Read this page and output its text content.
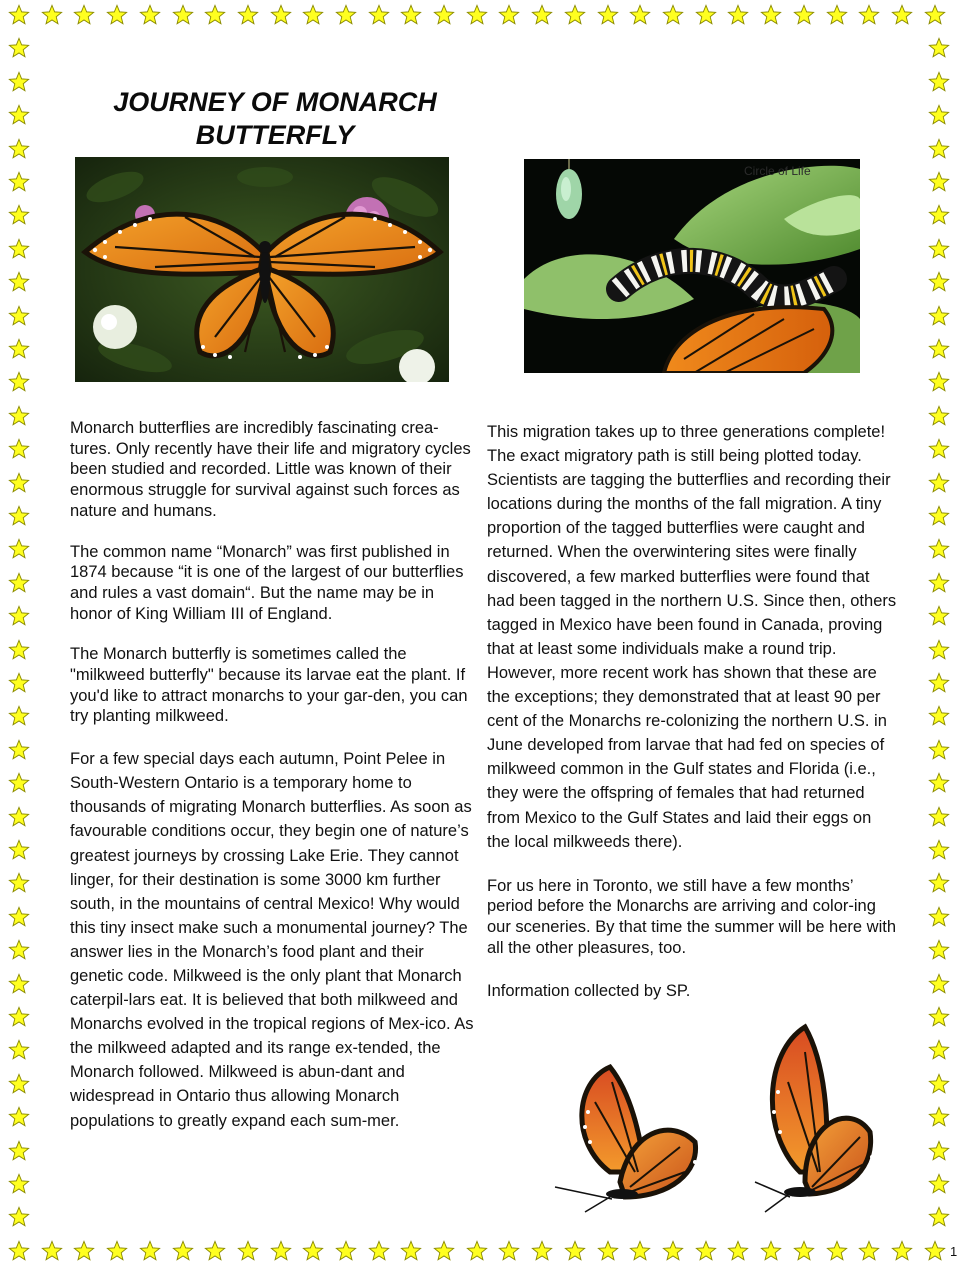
JOURNEY OF MONARCH
BUTTERFLY
Circle of Life

Monarch butterflies are incredibly fascinating crea-tures. Only recently have their life and migratory cycles been studied and recorded. Little was known of their enormous struggle for survival against such forces as nature and humans.

The common name “Monarch” was first published in 1874 because “it is one of the largest of our butterflies and rules a vast domain“. But the name may be in honor of King William III of England.

The Monarch butterfly is sometimes called the "milkweed butterfly" because its larvae eat the plant. If you'd like to attract monarchs to your gar-den, you can try planting milkweed.

For a few special days each autumn, Point Pelee in South-Western Ontario is a temporary home to thousands of migrating Monarch butterflies. As soon as favourable conditions occur, they begin one of nature’s greatest journeys by crossing Lake Erie. They cannot linger, for their destination is some 3000 km further south, in the mountains of central Mexico! Why would this tiny insect make such a monumental journey? The answer lies in the Monarch’s food plant and their genetic code. Milkweed is the only plant that Monarch caterpil-lars eat. It is believed that both milkweed and Monarchs evolved in the tropical regions of Mex-ico. As the milkweed adapted and its range ex-tended, the Monarch followed. Milkweed is abun-dant and widespread in Ontario thus allowing Monarch populations to greatly expand each sum-mer.

This migration takes up to three generations complete! The exact migratory path is still being plotted today. Scientists are tagging the butterflies and recording their locations during the months of the fall migration. A tiny proportion of the tagged butterflies were caught and returned. When the overwintering sites were finally discovered, a few marked butterflies were found that had been tagged in the northern U.S. Since then, others tagged in Mexico have been found in Canada, proving that at least some individuals make a round trip. However, more recent work has shown that these are the exceptions; they demonstrated that at least 90 per cent of the Monarchs re-colonizing the northern U.S. in June developed from larvae that had fed on species of milkweed common in the Gulf states and Florida (i.e., they were the offspring of females that had returned from Mexico to the Gulf States and laid their eggs on the local milkweeds there).

For us here in Toronto, we still have a few months’ period before the Monarchs are arriving and color-ing our sceneries. By that time the summer will be here with all the other pleasures, too.

Information collected by SP.

1
